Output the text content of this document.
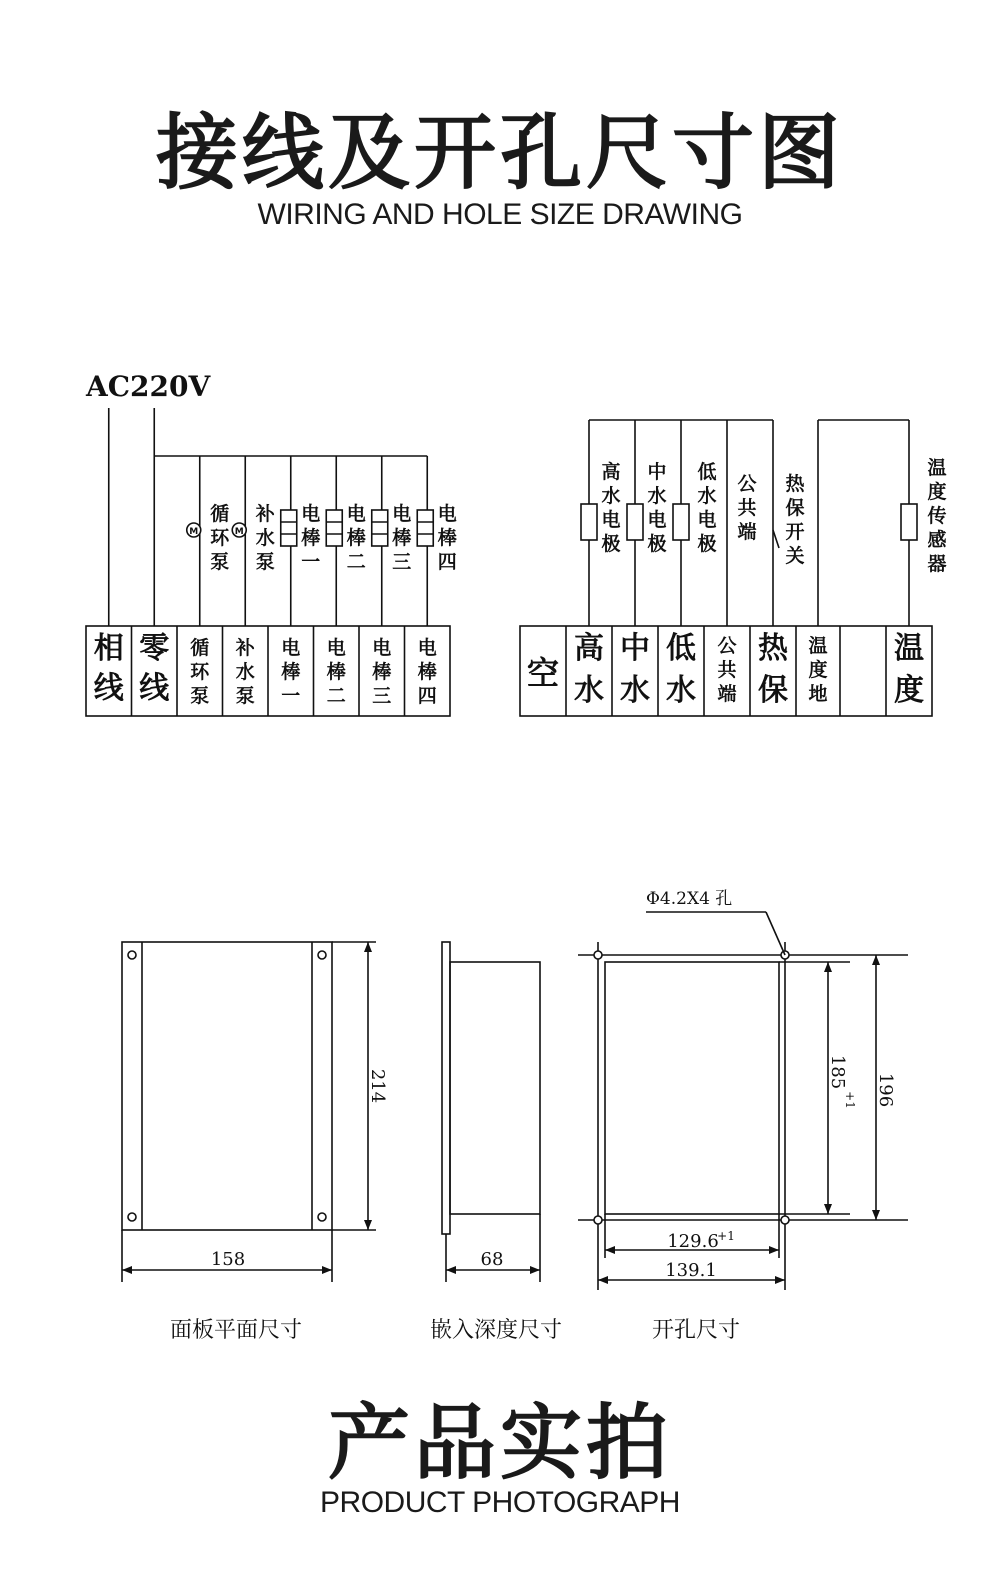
接线及开孔尺寸图
WIRING AND HOLE SIZE DRAWING
AC220V
相
线
零
线
循
环
泵
补
水
泵
电
棒
一
电
棒
二
电
棒
三
电
棒
四
M
循
环
泵
M
补
水
泵
电
棒
一
电
棒
二
电
棒
三
电
棒
四
空
高
水
中
水
低
水
公
共
端
热
保
温
度
地
温
度
高
水
电
极
中
水
电
极
低
水
电
极
公
共
端
热
保
开
关
温
度
传
感
器
214
158
面板平面尺寸
68
嵌入深度尺寸
Φ4.2X4 孔
185
+1 196
129.6
+1
139.1
开孔尺寸
产品实拍
PRODUCT PHOTOGRAPH
